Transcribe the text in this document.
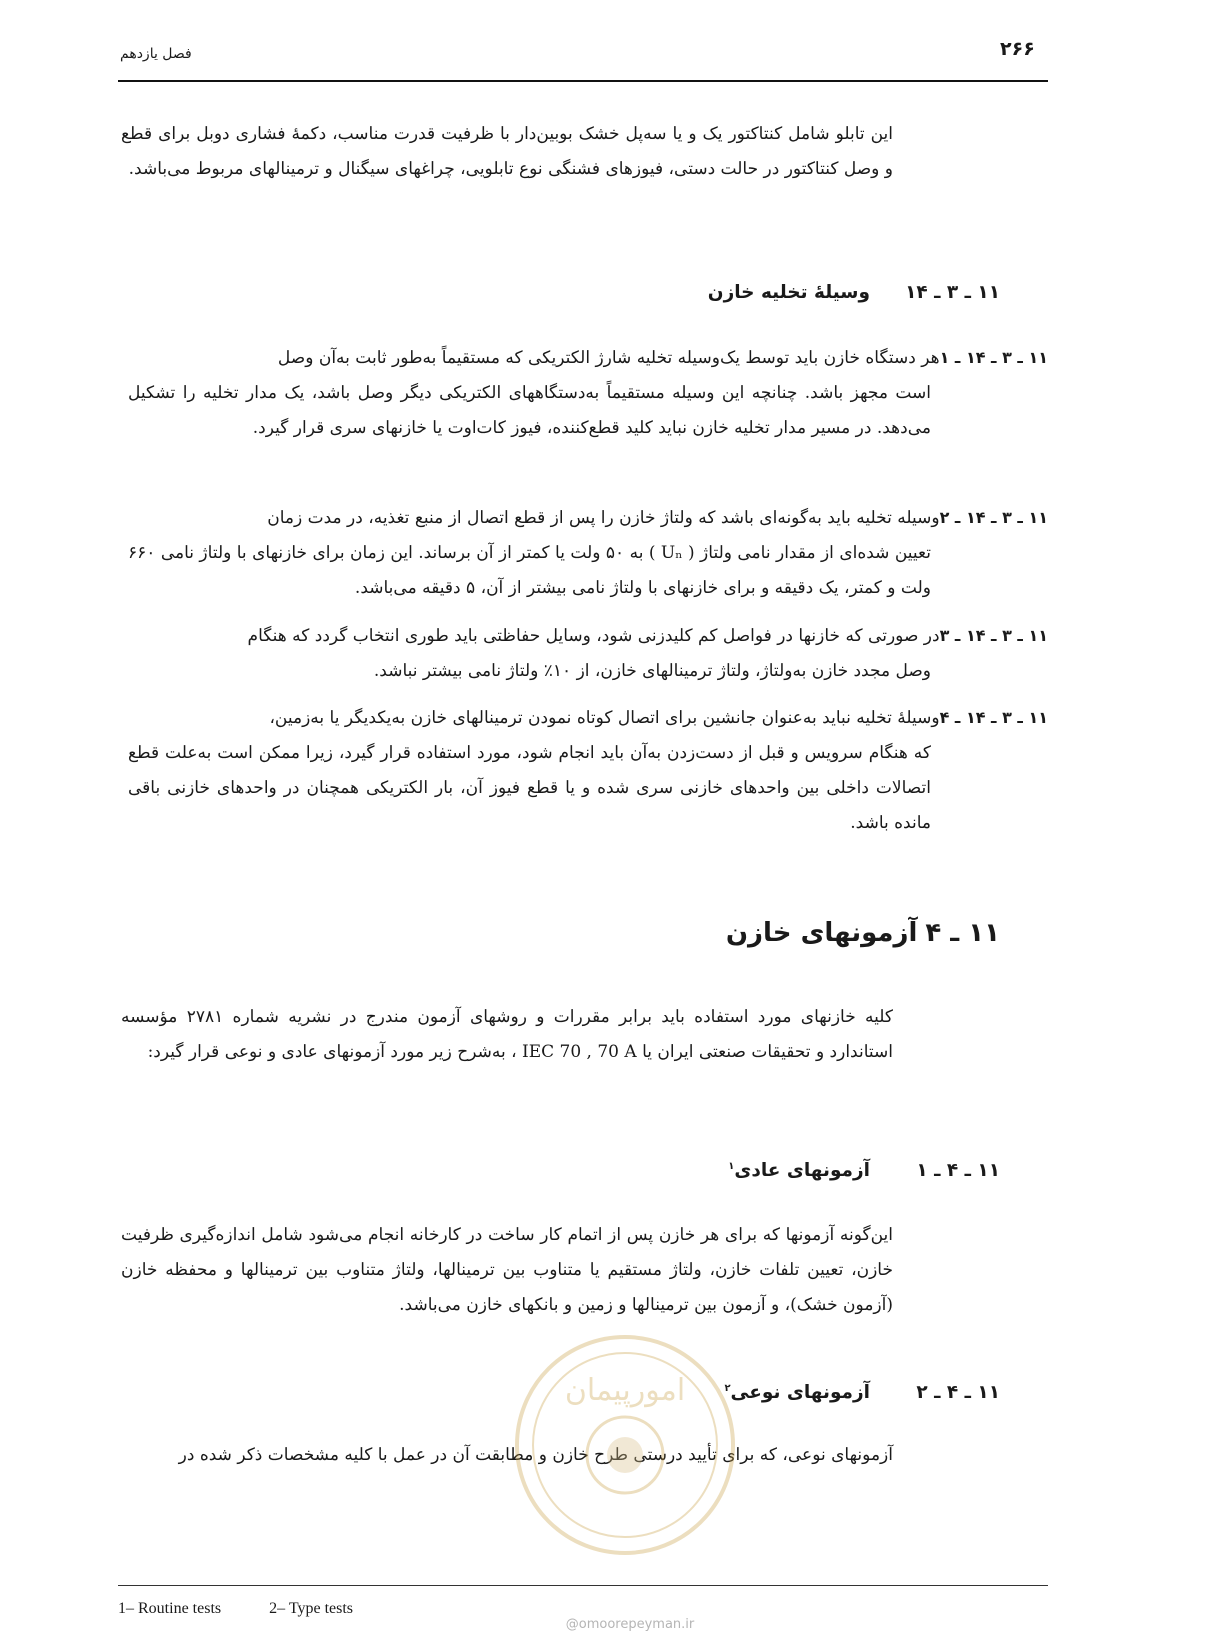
۲۶۶
فصل یازدهم

این تابلو شامل کنتاکتور یک و یا سه‌پل خشک بوبین‌دار با ظرفیت قدرت مناسب، دکمهٔ فشاری دوبل برای قطع و وصل کنتاکتور در حالت دستی، فیوزهای فشنگی نوع تابلویی، چراغهای سیگنال و ترمینالهای مربوط می‌باشد.

۱۱ ـ ۳ ـ ۱۴وسیلهٔ تخلیه خازن
۱۱ ـ ۳ ـ ۱۴ ـ ۱هر دستگاه خازن باید توسط یک‌وسیله تخلیه شارژ الکتریکی که مستقیماً به‌طور ثابت به‌آن وصل
است مجهز باشد. چنانچه این وسیله مستقیماً به‌دستگاههای الکتریکی دیگر وصل باشد، یک مدار تخلیه را تشکیل می‌دهد. در مسیر مدار تخلیه خازن نباید کلید قطع‌کننده، فیوز کات‌اوت یا خازنهای سری قرار گیرد.
۱۱ ـ ۳ ـ ۱۴ ـ ۲وسیله تخلیه باید به‌گونه‌ای باشد که ولتاژ خازن را پس از قطع اتصال از منبع تغذیه، در مدت زمان
تعیین شده‌ای از مقدار نامی ولتاژ ( Uₙ ) به ۵۰ ولت یا کمتر از آن برساند. این زمان برای خازنهای با ولتاژ نامی ۶۶۰ ولت و کمتر، یک دقیقه و برای خازنهای با ولتاژ نامی بیشتر از آن، ۵ دقیقه می‌باشد.
۱۱ ـ ۳ ـ ۱۴ ـ ۳در صورتی که خازنها در فواصل کم کلیدزنی شود، وسایل حفاظتی باید طوری انتخاب گردد که هنگام
وصل مجدد خازن به‌ولتاژ، ولتاژ ترمینالهای خازن، از ۱۰٪ ولتاژ نامی بیشتر نباشد.
۱۱ ـ ۳ ـ ۱۴ ـ ۴وسیلهٔ تخلیه نباید به‌عنوان جانشین برای اتصال کوتاه نمودن ترمینالهای خازن به‌یکدیگر یا به‌زمین،
که هنگام سرویس و قبل از دست‌زدن به‌آن باید انجام شود، مورد استفاده قرار گیرد، زیرا ممکن است به‌علت قطع اتصالات داخلی بین واحدهای خازنی سری شده و یا قطع فیوز آن، بار الکتریکی همچنان در واحدهای خازنی باقی مانده باشد.
۱۱ ـ ۴آزمونهای خازن

کلیه خازنهای مورد استفاده باید برابر مقررات و روشهای آزمون مندرج در نشریه شماره ۲۷۸۱ مؤسسه استاندارد و تحقیقات صنعتی ایران یا IEC 70 , 70 A ، به‌شرح زیر مورد آزمونهای عادی و نوعی قرار گیرد:

۱۱ ـ ۴ ـ ۱آزمونهای عادی$^۱$

این‌گونه آزمونها که برای هر خازن پس از اتمام کار ساخت در کارخانه انجام می‌شود شامل اندازه‌گیری ظرفیت خازن، تعیین تلفات خازن، ولتاژ مستقیم یا متناوب بین ترمینالها، ولتاژ متناوب بین ترمینالها و محفظه خازن (آزمون خشک)، و آزمون بین ترمینالها و زمین و بانکهای خازن می‌باشد.

۱۱ ـ ۴ ـ ۲آزمونهای نوعی$^۲$

آزمونهای نوعی، که برای تأیید درستی طرح خازن و مطابقت آن در عمل با کلیه مشخصات ذکر شده در

امورپیمان
@omoorepeyman.ir
1– Routine tests	2– Type tests
